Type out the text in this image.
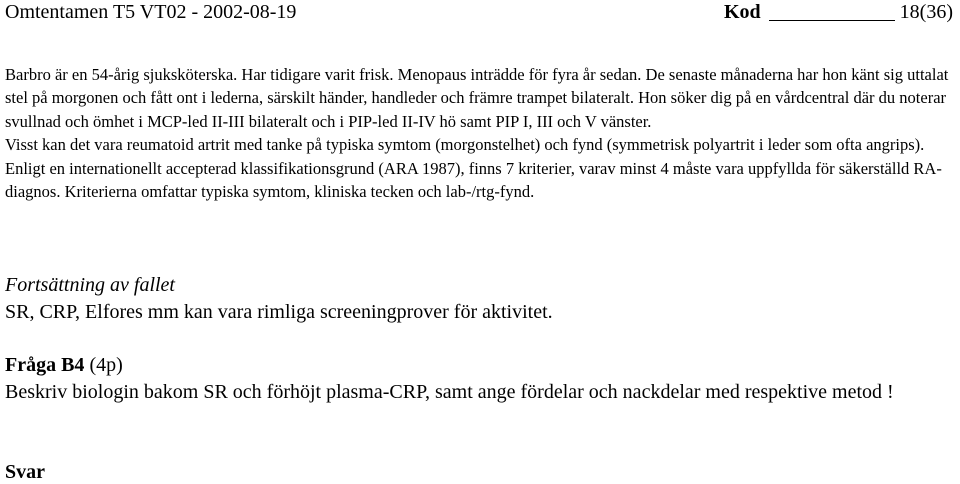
Omtentamen T5 VT02 - 2002-08-19	Kod	18(36)

Barbro är en 54-årig sjuksköterska. Har tidigare varit frisk. Menopaus inträdde för fyra år sedan. De senaste månaderna har hon känt sig uttalat stel på morgonen och fått ont i lederna, särskilt händer, handleder och främre trampet bilateralt. Hon söker dig på en vårdcentral där du noterar svullnad och ömhet i MCP-led II-III bilateralt och i PIP-led II-IV hö samt PIP I, III och V vänster.

Visst kan det vara reumatoid artrit med tanke på typiska symtom (morgonstelhet) och fynd (symmetrisk polyartrit i leder som ofta angrips).

Enligt en internationellt accepterad klassifikationsgrund (ARA 1987), finns 7 kriterier, varav minst 4 måste vara uppfyllda för säkerställd RA-diagnos. Kriterierna omfattar typiska symtom, kliniska tecken och lab-/rtg-fynd.

Fortsättning av fallet
SR, CRP, Elfores mm kan vara rimliga screeningprover för aktivitet.
Fråga B4 (4p)
Beskriv biologin bakom SR och förhöjt plasma-CRP, samt ange fördelar och nackdelar med respektive metod !
Svar
